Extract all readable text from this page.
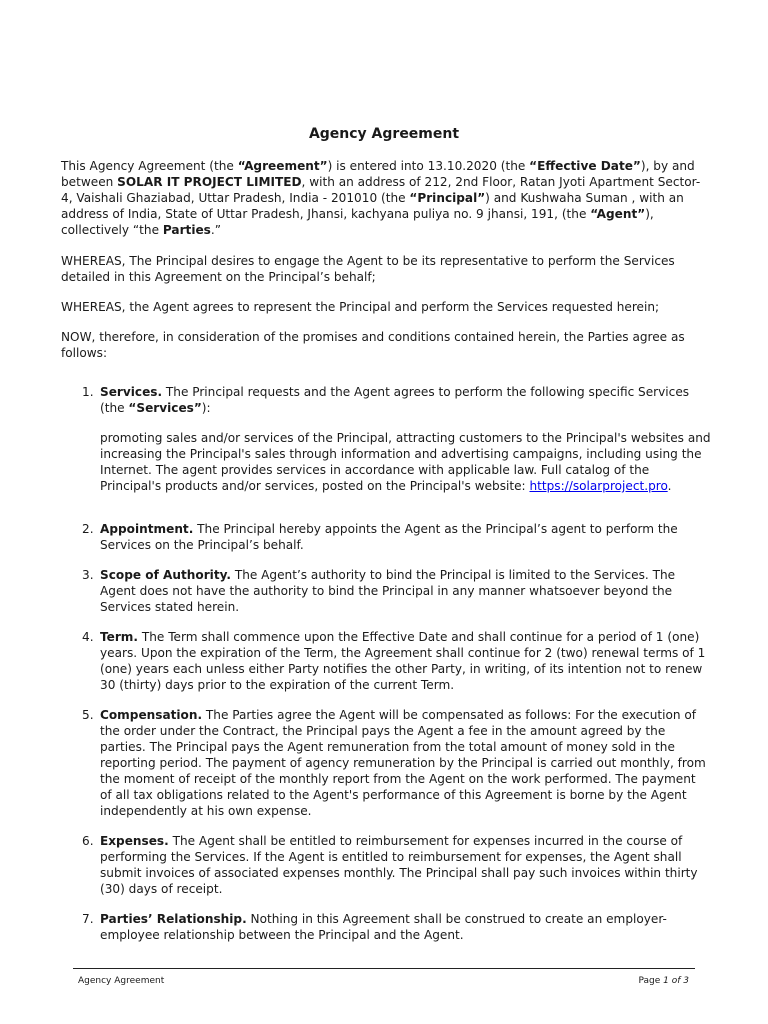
Agency Agreement

This Agency Agreement (the “Agreement”) is entered into 13.10.2020 (the “Effective Date”), by and between SOLAR IT PROJECT LIMITED, with an address of 212, 2nd Floor, Ratan Jyoti Apartment Sector-4, Vaishali Ghaziabad, Uttar Pradesh, India - 201010 (the “Principal”) and Kushwaha Suman , with an address of India, State of Uttar Pradesh, Jhansi, kachyana puliya no. 9 jhansi, 191, (the “Agent”), collectively “the Parties.”

WHEREAS, The Principal desires to engage the Agent to be its representative to perform the Services detailed in this Agreement on the Principal’s behalf;
WHEREAS, the Agent agrees to represent the Principal and perform the Services requested herein;
NOW, therefore, in consideration of the promises and conditions contained herein, the Parties agree as follows:
1. Services. The Principal requests and the Agent agrees to perform the following specific Services (the “Services”):

promoting sales and/or services of the Principal, attracting customers to the Principal's websites and increasing the Principal's sales through information and advertising campaigns, including using the Internet. The agent provides services in accordance with applicable law. Full catalog of the Principal's products and/or services, posted on the Principal's website: https://solarproject.pro.

2. Appointment. The Principal hereby appoints the Agent as the Principal’s agent to perform the Services on the Principal’s behalf.
3. Scope of Authority. The Agent’s authority to bind the Principal is limited to the Services. The Agent does not have the authority to bind the Principal in any manner whatsoever beyond the Services stated herein.
4. Term. The Term shall commence upon the Effective Date and shall continue for a period of 1 (one) years. Upon the expiration of the Term, the Agreement shall continue for 2 (two) renewal terms of 1 (one) years each unless either Party notifies the other Party, in writing, of its intention not to renew 30 (thirty) days prior to the expiration of the current Term.
5. Compensation. The Parties agree the Agent will be compensated as follows: For the execution of the order under the Contract, the Principal pays the Agent a fee in the amount agreed by the parties. The Principal pays the Agent remuneration from the total amount of money sold in the reporting period. The payment of agency remuneration by the Principal is carried out monthly, from the moment of receipt of the monthly report from the Agent on the work performed. The payment of all tax obligations related to the Agent's performance of this Agreement is borne by the Agent independently at his own expense.
6. Expenses. The Agent shall be entitled to reimbursement for expenses incurred in the course of performing the Services. If the Agent is entitled to reimbursement for expenses, the Agent shall submit invoices of associated expenses monthly. The Principal shall pay such invoices within thirty (30) days of receipt.
7. Parties’ Relationship. Nothing in this Agreement shall be construed to create an employer-employee relationship between the Principal and the Agent.
Agency Agreement	Page 1 of 3
